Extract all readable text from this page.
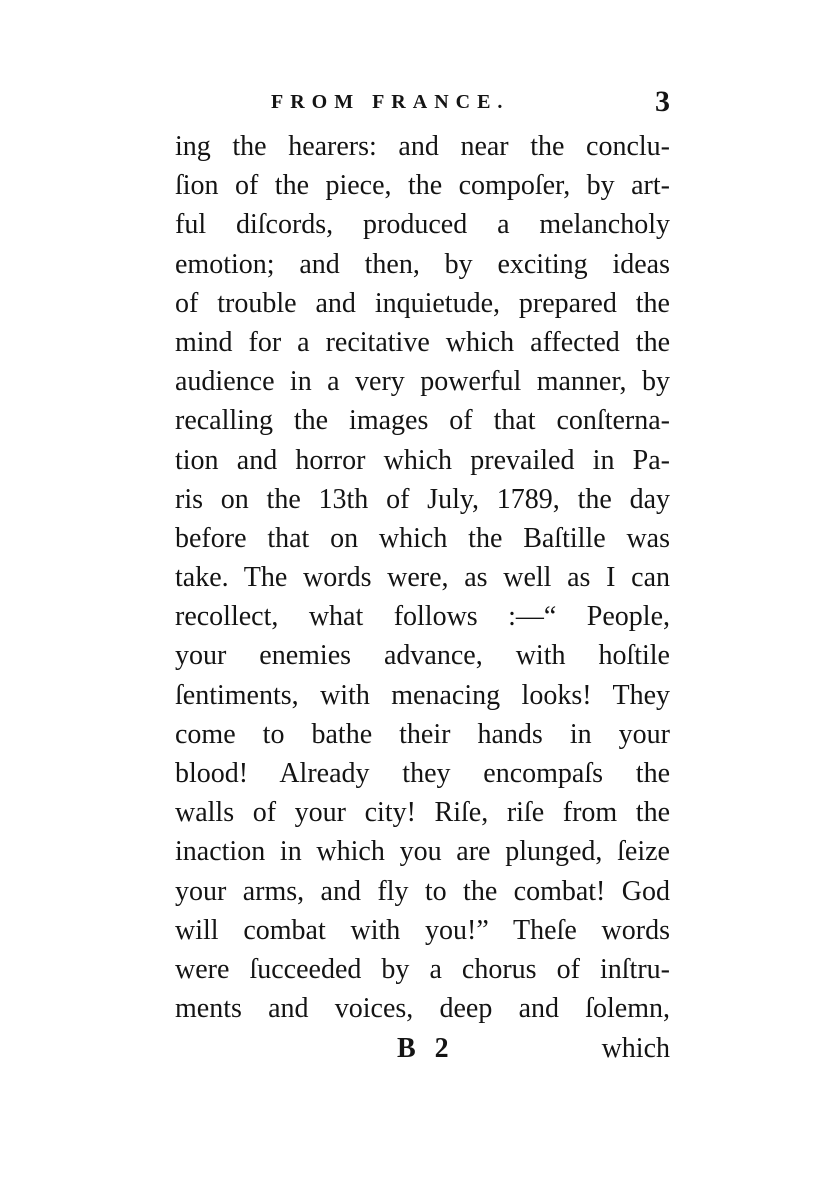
FROM FRANCE.	3
ing the hearers: and near the conclu-
ſion of the piece, the compoſer, by art-
ful diſcords, produced a melancholy
emotion; and then, by exciting ideas
of trouble and inquietude, prepared the
mind for a recitative which affected the
audience in a very powerful manner, by
recalling the images of that conſterna-
tion and horror which prevailed in Pa-
ris on the 13th of July, 1789, the day
before that on which the Baſtille was
take. The words were, as well as I can
recollect, what follows :—“ People,
your enemies advance, with hoſtile
ſentiments, with menacing looks! They
come to bathe their hands in your
blood! Already they encompaſs the
walls of your city! Riſe, riſe from the
inaction in which you are plunged, ſeize
your arms, and fly to the combat! God
will combat with you!” Theſe words
were ſucceeded by a chorus of inſtru-
ments and voices, deep and ſolemn,
B 2	which
